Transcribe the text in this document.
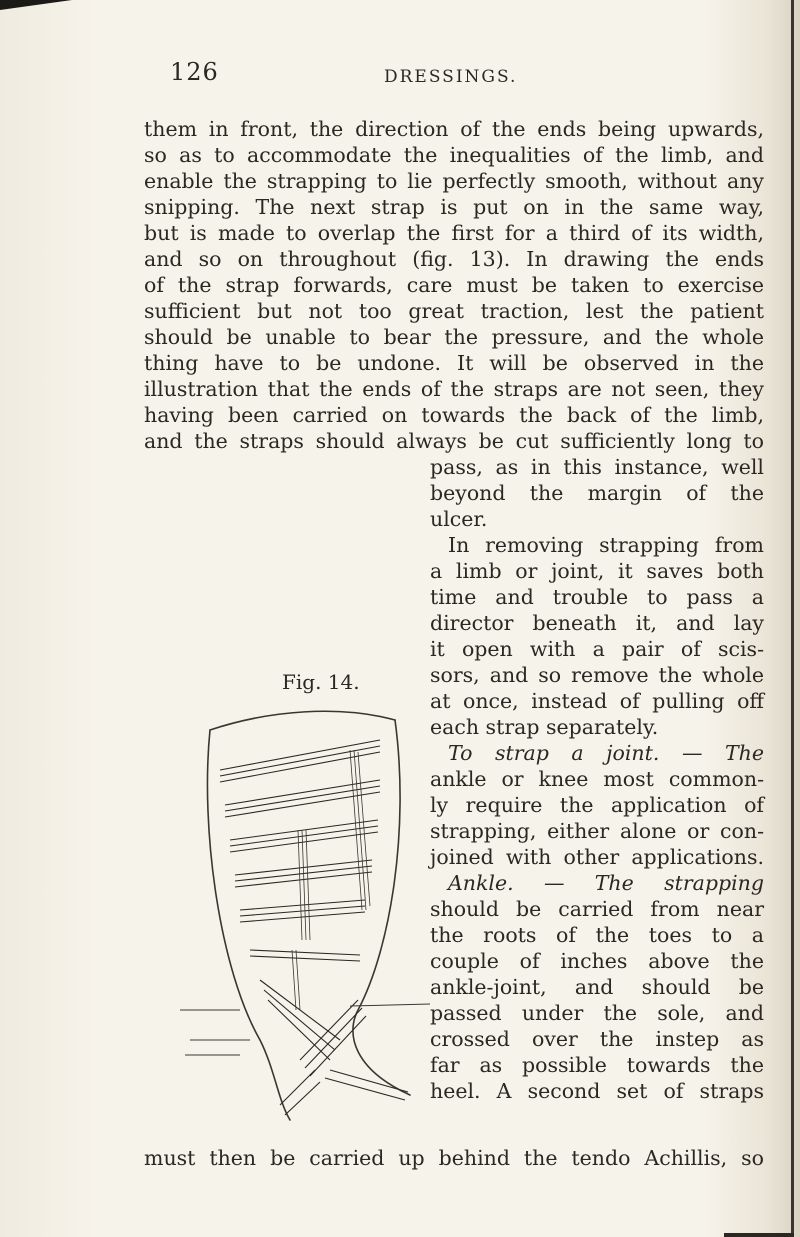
126	DRESSINGS.
them in front, the direction of the ends being upwards,
so as to accommodate the inequalities of the limb, and
enable the strapping to lie perfectly smooth, without any
snipping. The next strap is put on in the same way,
but is made to overlap the first for a third of its width,
and so on throughout (fig. 13). In drawing the ends
of the strap forwards, care must be taken to exercise
sufficient but not too great traction, lest the patient
should be unable to bear the pressure, and the whole
thing have to be undone. It will be observed in the
illustration that the ends of the straps are not seen, they
having been carried on towards the back of the limb,
and the straps should always be cut sufficiently long to
pass, as in this instance, well
beyond the margin of the
ulcer.
In removing strapping from
a limb or joint, it saves both
time and trouble to pass a
director beneath it, and lay
it open with a pair of scis-
sors, and so remove the whole
at once, instead of pulling off
each strap separately.
To strap a joint. — The
ankle or knee most common-
ly require the application of
strapping, either alone or con-
joined with other applications.
Ankle. — The strapping
should be carried from near
the roots of the toes to a
couple of inches above the
ankle-joint, and should be
passed under the sole, and
crossed over the instep as
far as possible towards the
heel. A second set of straps
Fig. 14.
must then be carried up behind the tendo Achillis, so
